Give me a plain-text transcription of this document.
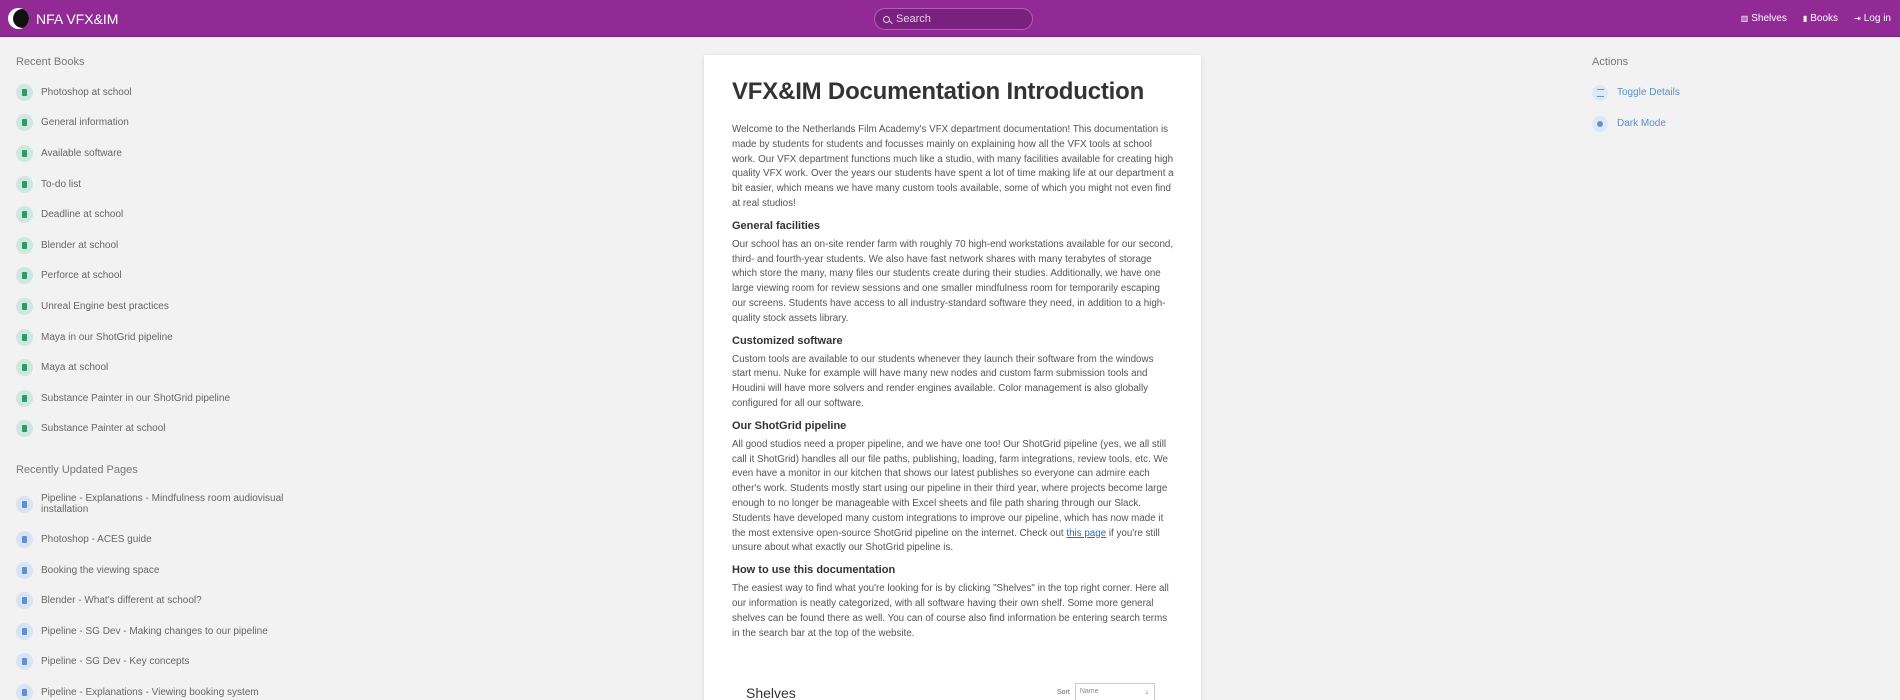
NFA VFX&IM
Search	▥ Shelves ▮ Books ⇥ Log in
Recent Books
Photoshop at school
General information
Available software
To-do list
Deadline at school
Blender at school
Perforce at school
Unreal Engine best practices
Maya in our ShotGrid pipeline
Maya at school
Substance Painter in our ShotGrid pipeline
Substance Painter at school
Recently Updated Pages
Pipeline - Explanations - Mindfulness room audiovisual installation
Photoshop - ACES guide
Booking the viewing space
Blender - What's different at school?
Pipeline - SG Dev - Making changes to our pipeline
Pipeline - SG Dev - Key concepts
Pipeline - Explanations - Viewing booking system
VFX&IM Documentation Introduction

Welcome to the Netherlands Film Academy's VFX department documentation! This documentation is made by students for students and focusses mainly on explaining how all the VFX tools at school work. Our VFX department functions much like a studio, with many facilities available for creating high quality VFX work. Over the years our students have spent a lot of time making life at our department a bit easier, which means we have many custom tools available, some of which you might not even find at real studios!

General facilities

Our school has an on-site render farm with roughly 70 high-end workstations available for our second, third- and fourth-year students. We also have fast network shares with many terabytes of storage which store the many, many files our students create during their studies. Additionally, we have one large viewing room for review sessions and one smaller mindfulness room for temporarily escaping our screens. Students have access to all industry-standard software they need, in addition to a high-quality stock assets library.

Customized software

Custom tools are available to our students whenever they launch their software from the windows start menu. Nuke for example will have many new nodes and custom farm submission tools and Houdini will have more solvers and render engines available. Color management is also globally configured for all our software.

Our ShotGrid pipeline

All good studios need a proper pipeline, and we have one too! Our ShotGrid pipeline (yes, we all still call it ShotGrid) handles all our file paths, publishing, loading, farm integrations, review tools, etc. We even have a monitor in our kitchen that shows our latest publishes so everyone can admire each other's work. Students mostly start using our pipeline in their third year, where projects become large enough to no longer be manageable with Excel sheets and file path sharing through our Slack. Students have developed many custom integrations to improve our pipeline, which has now made it the most extensive open-source ShotGrid pipeline on the internet. Check out this page if you're still unsure about what exactly our ShotGrid pipeline is.

How to use this documentation

The easiest way to find what you're looking for is by clicking "Shelves" in the top right corner. Here all our information is neatly categorized, with all software having their own shelf. Some more general shelves can be found there as well. You can of course also find information be entering search terms in the search bar at the top of the website.

Shelves	Sort Name	↓
Actions
Toggle Details
Dark Mode
